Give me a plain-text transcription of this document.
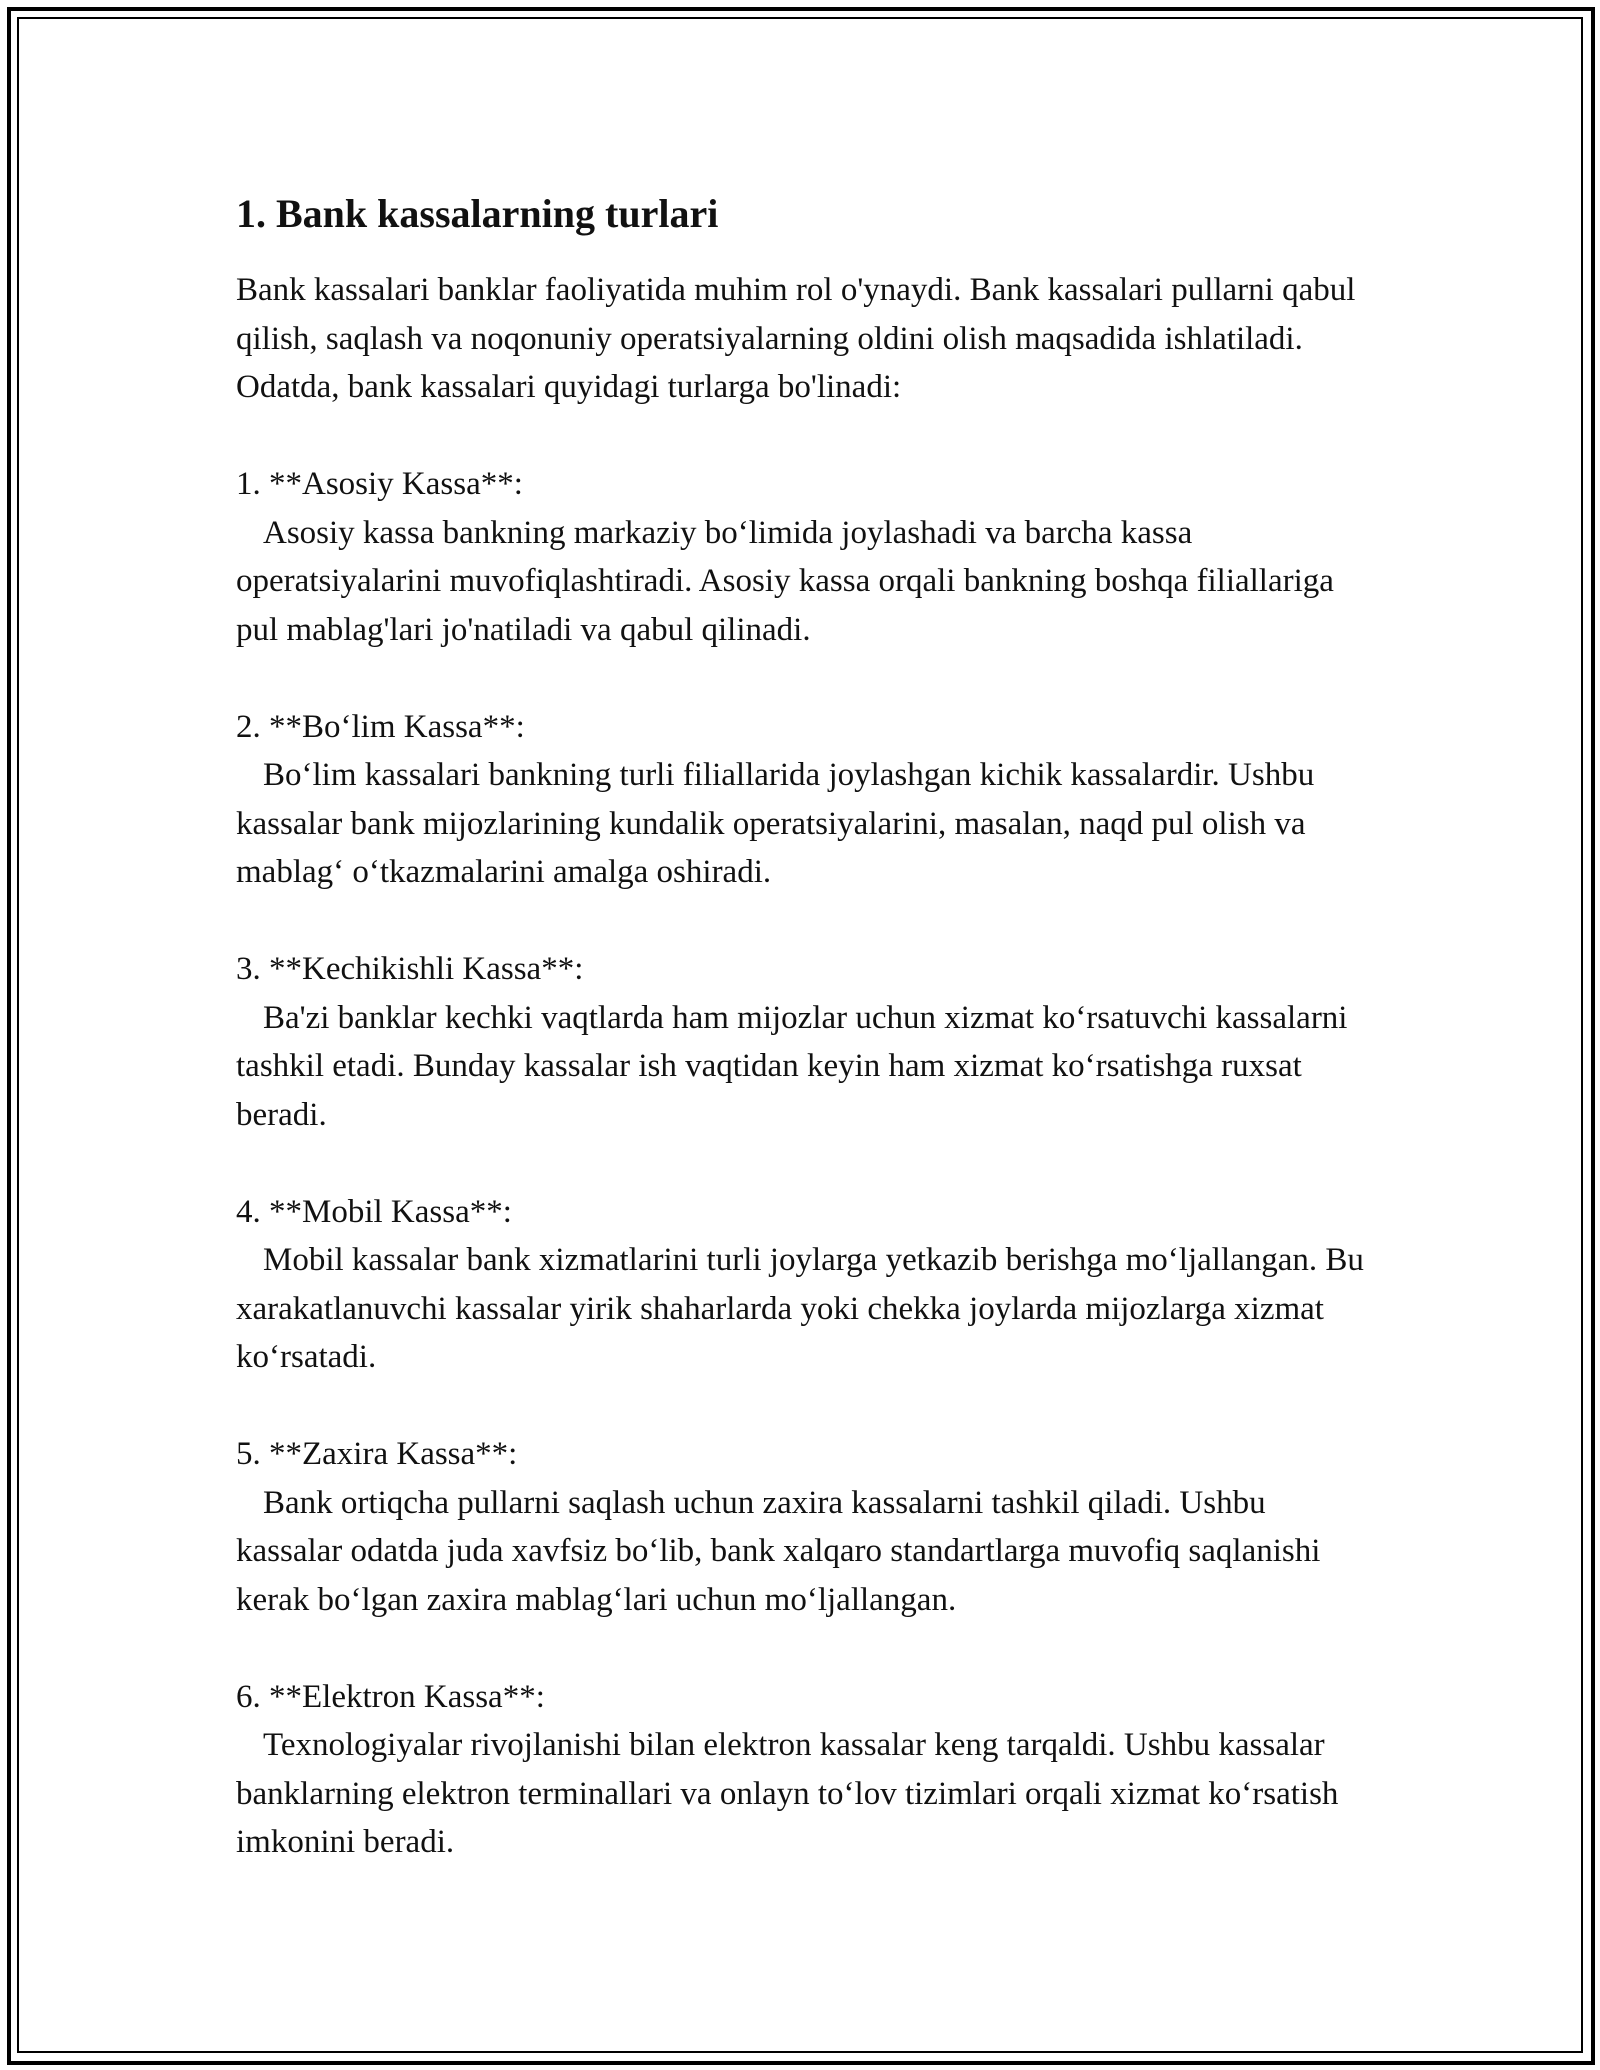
1. Bank kassalarning turlari

Bank kassalari banklar faoliyatida muhim rol o'ynaydi. Bank kassalari pullarni qabul qilish, saqlash va noqonuniy operatsiyalarning oldini olish maqsadida ishlatiladi. Odatda, bank kassalari quyidagi turlarga bo'linadi:

1. **Asosiy Kassa**:

Asosiy kassa bankning markaziy bo‘limida joylashadi va barcha kassa operatsiyalarini muvofiqlashtiradi. Asosiy kassa orqali bankning boshqa filiallariga pul mablag'lari jo'natiladi va qabul qilinadi.

2. **Bo‘lim Kassa**:

Bo‘lim kassalari bankning turli filiallarida joylashgan kichik kassalardir. Ushbu kassalar bank mijozlarining kundalik operatsiyalarini, masalan, naqd pul olish va mablag‘ o‘tkazmalarini amalga oshiradi.

3. **Kechikishli Kassa**:

Ba'zi banklar kechki vaqtlarda ham mijozlar uchun xizmat ko‘rsatuvchi kassalarni tashkil etadi. Bunday kassalar ish vaqtidan keyin ham xizmat ko‘rsatishga ruxsat beradi.

4. **Mobil Kassa**:

Mobil kassalar bank xizmatlarini turli joylarga yetkazib berishga mo‘ljallangan. Bu xarakatlanuvchi kassalar yirik shaharlarda yoki chekka joylarda mijozlarga xizmat ko‘rsatadi.

5. **Zaxira Kassa**:

Bank ortiqcha pullarni saqlash uchun zaxira kassalarni tashkil qiladi. Ushbu kassalar odatda juda xavfsiz bo‘lib, bank xalqaro standartlarga muvofiq saqlanishi kerak bo‘lgan zaxira mablag‘lari uchun mo‘ljallangan.

6. **Elektron Kassa**:

Texnologiyalar rivojlanishi bilan elektron kassalar keng tarqaldi. Ushbu kassalar banklarning elektron terminallari va onlayn to‘lov tizimlari orqali xizmat ko‘rsatish imkonini beradi.
